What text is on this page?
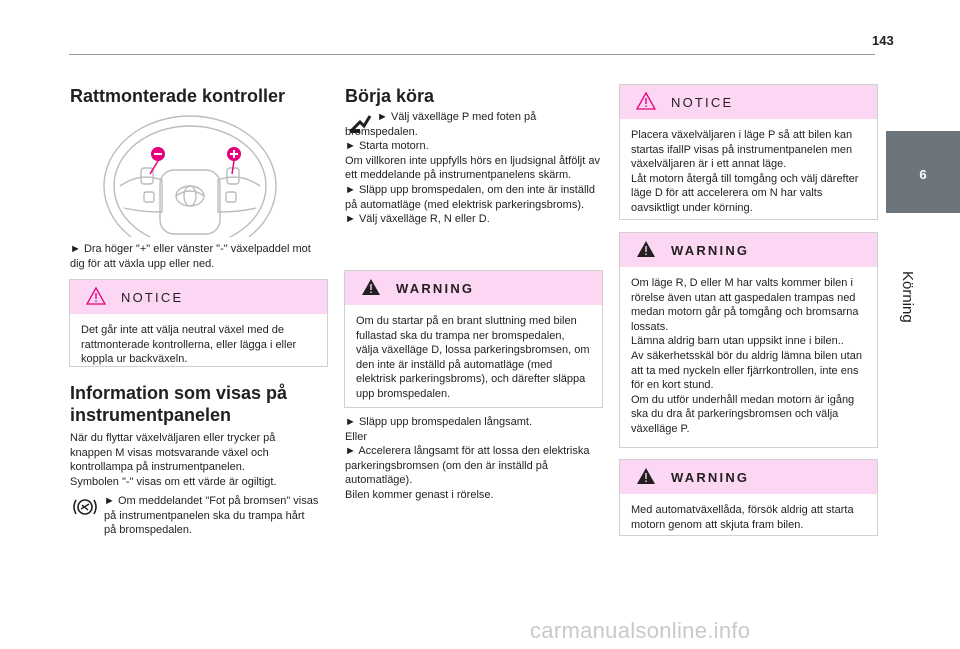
143
6
Körning
Rattmonterade kontroller

► Dra höger "+" eller vänster "-" växelpaddel mot dig för att växla upp eller ned.

NOTICE

Det går inte att välja neutral växel med de rattmonterade kontrollerna, eller lägga i eller koppla ur backväxeln.

Information som visas på instrumentpanelen

När du flyttar växelväljaren eller trycker på knappen M visas motsvarande växel och kontrollampa på instrumentpanelen.

Symbolen "-" visas om ett värde är ogiltigt.

► Om meddelandet "Fot på bromsen" visas på instrumentpanelen ska du trampa hårt på bromspedalen.

Börja köra

► Välj växelläge P med foten på bromspedalen.
► Starta motorn.
Om villkoren inte uppfylls hörs en ljudsignal åtföljt av ett meddelande på instrumentpanelens skärm.
► Släpp upp bromspedalen, om den inte är inställd på automatläge (med elektrisk parkeringsbroms).
► Välj växelläge R, N eller D.

WARNING

Om du startar på en brant sluttning med bilen fullastad ska du trampa ner bromspedalen, välja växelläge D, lossa parkeringsbromsen, om den inte är inställd på automatläge (med elektrisk parkeringsbroms), och därefter släppa upp bromspedalen.

► Släpp upp bromspedalen långsamt.
Eller
► Accelerera långsamt för att lossa den elektriska parkeringsbromsen (om den är inställd på automatläge).
Bilen kommer genast i rörelse.

NOTICE

Placera växelväljaren i läge P så att bilen kan startas ifallP visas på instrumentpanelen men växelväljaren är i ett annat läge.
Låt motorn återgå till tomgång och välj därefter läge D för att accelerera om N har valts oavsiktligt under körning.

WARNING

Om läge R, D eller M har valts kommer bilen i rörelse även utan att gaspedalen trampas ned medan motorn går på tomgång och bromsarna lossats.
Lämna aldrig barn utan uppsikt inne i bilen..
Av säkerhetsskäl bör du aldrig lämna bilen utan att ta med nyckeln eller fjärrkontrollen, inte ens för en kort stund.
Om du utför underhåll medan motorn är igång ska du dra åt parkeringsbromsen och välja växelläge P.

WARNING

Med automatväxellåda, försök aldrig att starta motorn genom att skjuta fram bilen.

carmanualsonline.info
